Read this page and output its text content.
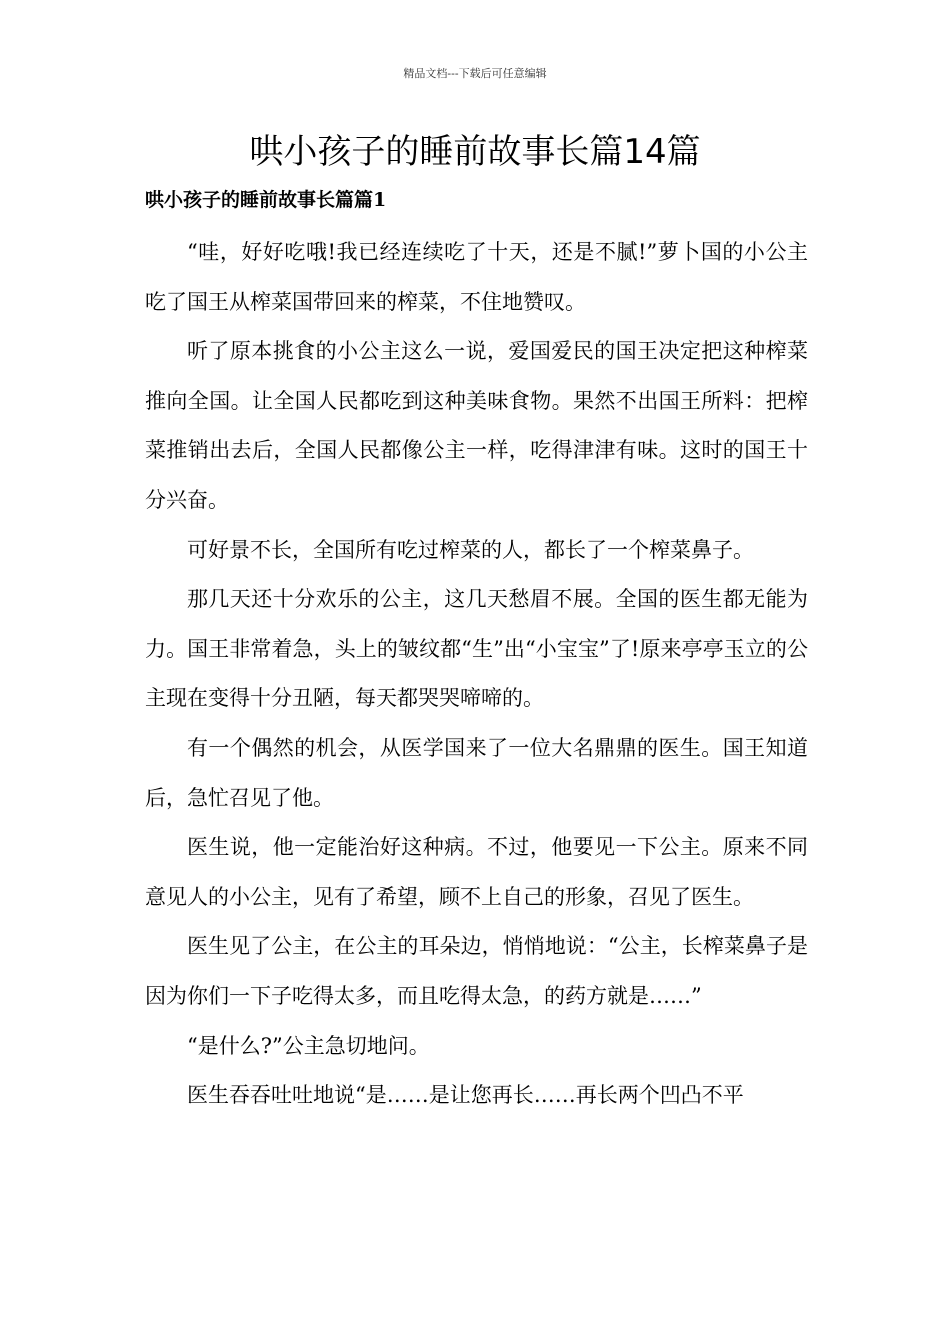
精品文档---下载后可任意编辑
哄小孩子的睡前故事长篇14篇
哄小孩子的睡前故事长篇篇1

“哇，好好吃哦!我已经连续吃了十天，还是不腻!”萝卜国的小公主吃了国王从榨菜国带回来的榨菜，不住地赞叹。

听了原本挑食的小公主这么一说，爱国爱民的国王决定把这种榨菜推向全国。让全国人民都吃到这种美味食物。果然不出国王所料：把榨菜推销出去后，全国人民都像公主一样，吃得津津有味。这时的国王十分兴奋。

可好景不长，全国所有吃过榨菜的人，都长了一个榨菜鼻子。

那几天还十分欢乐的公主，这几天愁眉不展。全国的医生都无能为力。国王非常着急，头上的皱纹都“生”出“小宝宝”了!原来亭亭玉立的公主现在变得十分丑陋，每天都哭哭啼啼的。

有一个偶然的机会，从医学国来了一位大名鼎鼎的医生。国王知道后，急忙召见了他。

医生说，他一定能治好这种病。不过，他要见一下公主。原来不同意见人的小公主，见有了希望，顾不上自己的形象，召见了医生。

医生见了公主，在公主的耳朵边，悄悄地说：“公主，长榨菜鼻子是因为你们一下子吃得太多，而且吃得太急，的药方就是……”

“是什么?”公主急切地问。

医生吞吞吐吐地说“是……是让您再长……再长两个凹凸不平
